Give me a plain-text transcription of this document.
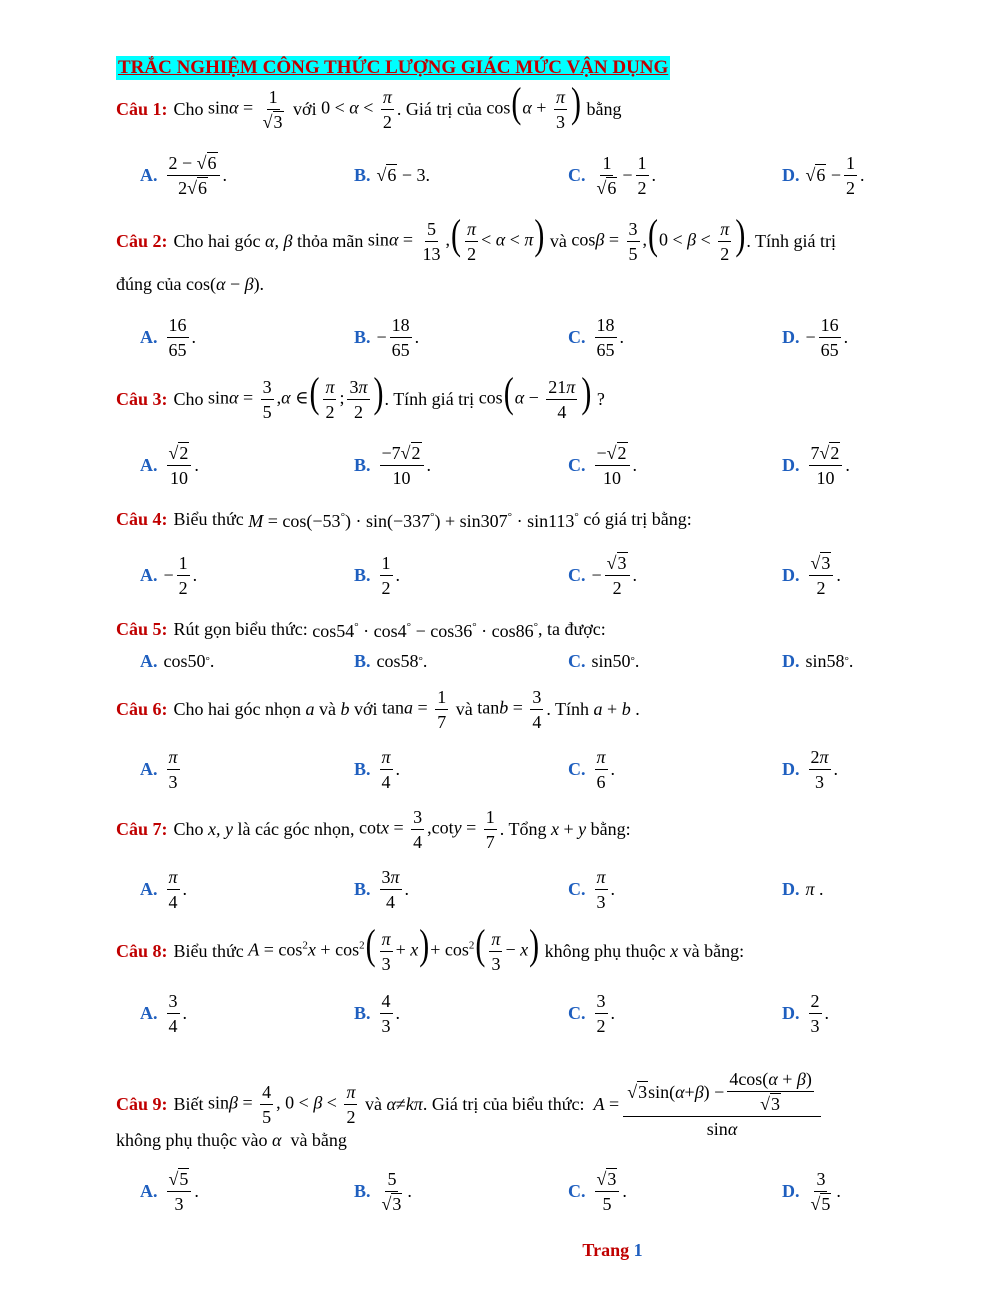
TRẮC NGHIỆM CÔNG THỨC LƯỢNG GIÁC MỨC VẬN DỤNG
Câu 1: Cho
$\sin\alpha = \frac{1}{√3}$
với
$0 < \alpha < \frac{\pi}{2}$ . Giá trị của
$\cos(\alpha + \frac{\pi}{3}$ )
bằng
A. $\frac{2 - √6}{2√6}$ .	B. √ 6 − 3.	C. $\frac{1}{√6} - \frac{1}{2}$ .	D. √ $6 - \frac{1}{2}$ .
Câu 2: Cho hai góc
α, β
thỏa mãn
$\sin\alpha = \frac{5}{13}$ ,( $\frac{\pi}{2} < \alpha < \pi$)
và
$\cos\beta = \frac{3}{5} ,(0 < \beta < \frac{\pi}{2}$ ) . Tính giá trị
đúng của cos(α − β).
A. $\frac{16}{65}$ .	B. − $\frac{18}{65}$ .	C. $\frac{18}{65}$ .	D. − $\frac{16}{65}$ .
Câu 3: Cho
$\sin\alpha = \frac{3}{5} ,\alpha$ ∈( $\frac{\pi}{2}$ ; $\frac{3\pi}{2}$ ) . Tính giá trị
$\cos(\alpha - \frac{21\pi}{4}$ )
?
A. $\frac{√2}{10}$ .	B. $\frac{-7√2}{10}$ .	C. $\frac{-√2}{10}$ .	D. $\frac{7√2}{10}$ .
Câu 4: Biểu thức
M = cos(−53°) · sin(−337°) + sin307° · sin113°
có giá trị bằng:
A. − $\frac{1}{2}$ .	B. $\frac{1}{2}$ .	C. − $\frac{√3}{2}$ .	D. $\frac{√3}{2}$ .
Câu 5: Rút gọn biểu thức:
cos54° · cos4° − cos36° · cos86° , ta được:
A. cos50 ° .	B. cos58 ° .	C. sin50 ° .	D. sin58 ° .
Câu 6: Cho hai góc nhọn
a
và
b
với
$\tan a = \frac{1}{7}$
và
$\tan b = \frac{3}{4}$ . Tính
a + b .
A. $\frac{\pi}{3}$	B. $\frac{\pi}{4}$ .	C. $\frac{\pi}{6}$ .	D. $\frac{2\pi}{3}$ .
Câu 7: Cho
x, y
là các góc nhọn,
$\cot x = \frac{3}{4} ,\cot y = \frac{1}{7}$ . Tổng
x + y
bằng:
A. $\frac{\pi}{4}$ .	B. $\frac{3\pi}{4}$ .	C. $\frac{\pi}{3}$ .	D. π .
Câu 8: Biểu thức
$A = \cos^2x + \cos^2( \frac{\pi}{3} + x)+ \cos^2( \frac{\pi}{3} - x)$
không phụ thuộc
x
và bằng:
A. $\frac{3}{4}$ .	B. $\frac{4}{3}$ .	C. $\frac{3}{2}$ .	D. $\frac{2}{3}$ .
Câu 9: Biết
$\sin\beta = \frac{4}{5}$ , $0 < \beta < \frac{\pi}{2}$
và
α ≠ kπ . Giá trị của biểu thức:
$A = \frac{√ 3 \sin( \alpha + \beta ) - \frac{4\cos(\alpha + \beta)}{√3}}{\sin\alpha}$
không phụ thuộc vào α và bằng
A. $\frac{√5}{3}$ .	B. $\frac{5}{√3}$ .	C. $\frac{√3}{5}$ .	D. $\frac{3}{√5}$ .
Trang 1
